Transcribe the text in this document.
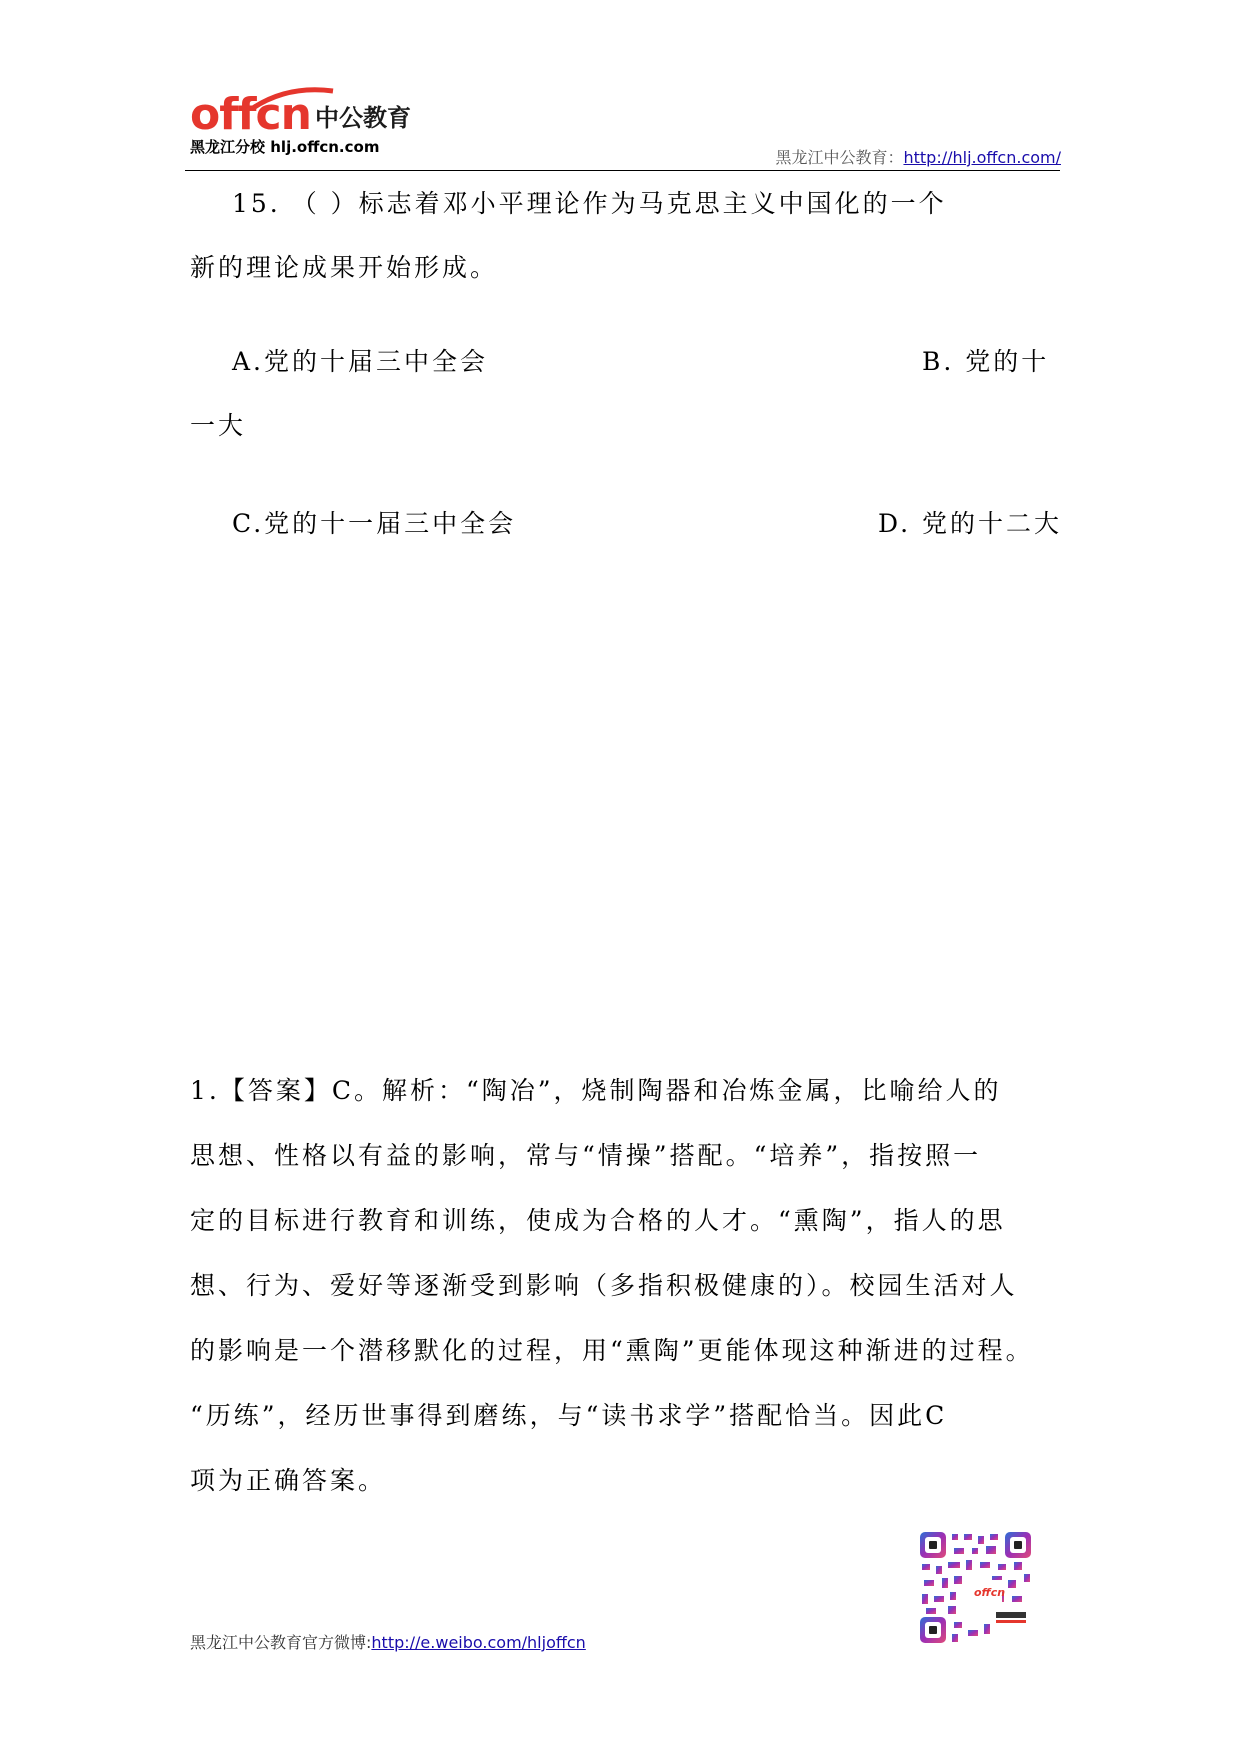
offcn 中公教育
黑龙江分校 hlj.offcn.com
黑龙江中公教育：http://hlj.offcn.com/
15. （ ）标志着邓小平理论作为马克思主义中国化的一个
新的理论成果开始形成。
A.党的十届三中全会	B. 党的十
一大
C.党的十一届三中全会	D. 党的十二大
1.【答案】C。解析：“陶冶”，烧制陶器和冶炼金属，比喻给人的
思想、性格以有益的影响，常与“情操”搭配。“培养”，指按照一
定的目标进行教育和训练，使成为合格的人才。“熏陶”，指人的思
想、行为、爱好等逐渐受到影响（多指积极健康的）。校园生活对人
的影响是一个潜移默化的过程，用“熏陶”更能体现这种渐进的过程。
“历练”，经历世事得到磨练，与“读书求学”搭配恰当。因此C
项为正确答案。
offcn
黑龙江中公教育官方微博:http://e.weibo.com/hljoffcn
